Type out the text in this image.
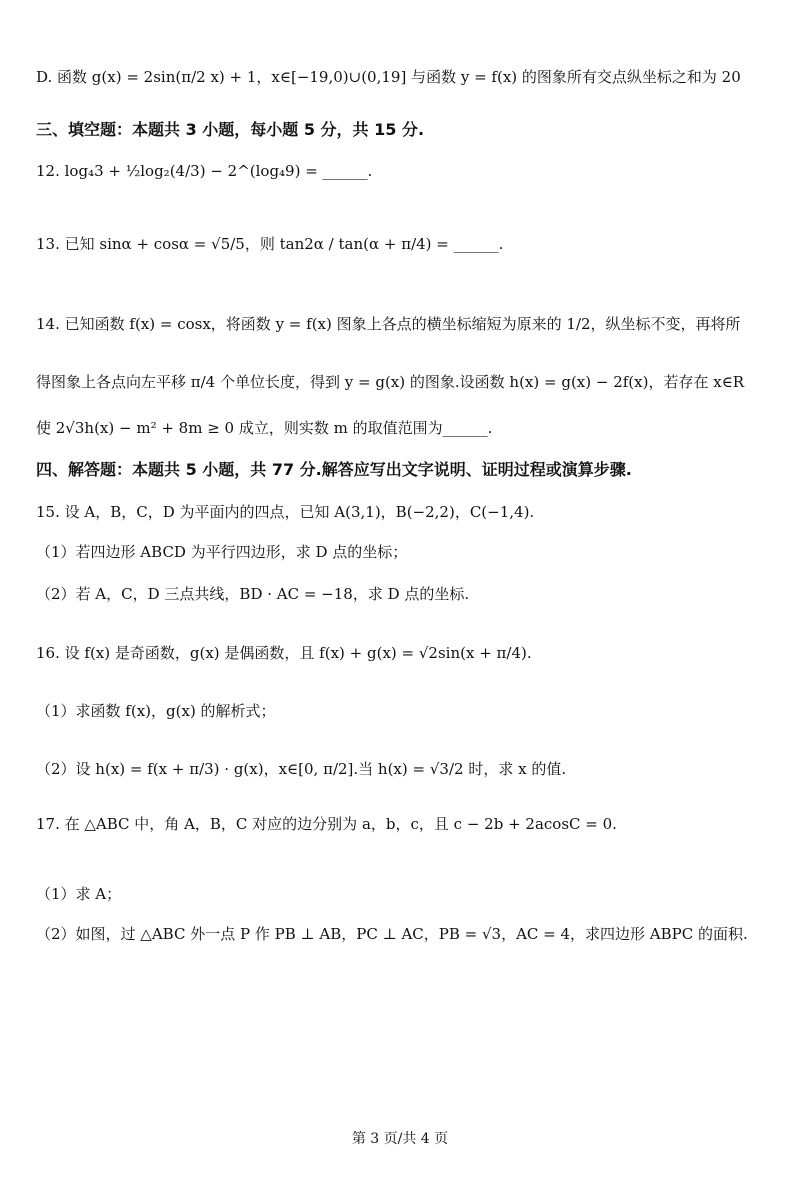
D. 函数 g(x) = 2sin(π/2 x) + 1，x∈[−19,0)∪(0,19] 与函数 y = f(x) 的图象所有交点纵坐标之和为 20
三、填空题：本题共 3 小题，每小题 5 分，共 15 分.
12. log₄3 + ½log₂(4/3) − 2^(log₄9) = ______.
13. 已知 sinα + cosα = √5/5，则 tan2α / tan(α + π/4) = ______.
14. 已知函数 f(x) = cosx，将函数 y = f(x) 图象上各点的横坐标缩短为原来的 1/2，纵坐标不变，再将所
得图象上各点向左平移 π/4 个单位长度，得到 y = g(x) 的图象.设函数 h(x) = g(x) − 2f(x)，若存在 x∈R
使 2√3h(x) − m² + 8m ≥ 0 成立，则实数 m 的取值范围为______.
四、解答题：本题共 5 小题，共 77 分.解答应写出文字说明、证明过程或演算步骤.
15. 设 A，B，C，D 为平面内的四点，已知 A(3,1)，B(−2,2)，C(−1,4).
（1）若四边形 ABCD 为平行四边形，求 D 点的坐标；
（2）若 A，C，D 三点共线，BD · AC = −18，求 D 点的坐标.
16. 设 f(x) 是奇函数，g(x) 是偶函数，且 f(x) + g(x) = √2sin(x + π/4).
（1）求函数 f(x)，g(x) 的解析式；
（2）设 h(x) = f(x + π/3) · g(x)，x∈[0, π/2].当 h(x) = √3/2 时，求 x 的值.
17. 在 △ABC 中，角 A，B，C 对应的边分别为 a，b，c，且 c − 2b + 2acosC = 0.
（1）求 A；
（2）如图，过 △ABC 外一点 P 作 PB ⊥ AB，PC ⊥ AC，PB = √3，AC = 4，求四边形 ABPC 的面积.
第 3 页/共 4 页
